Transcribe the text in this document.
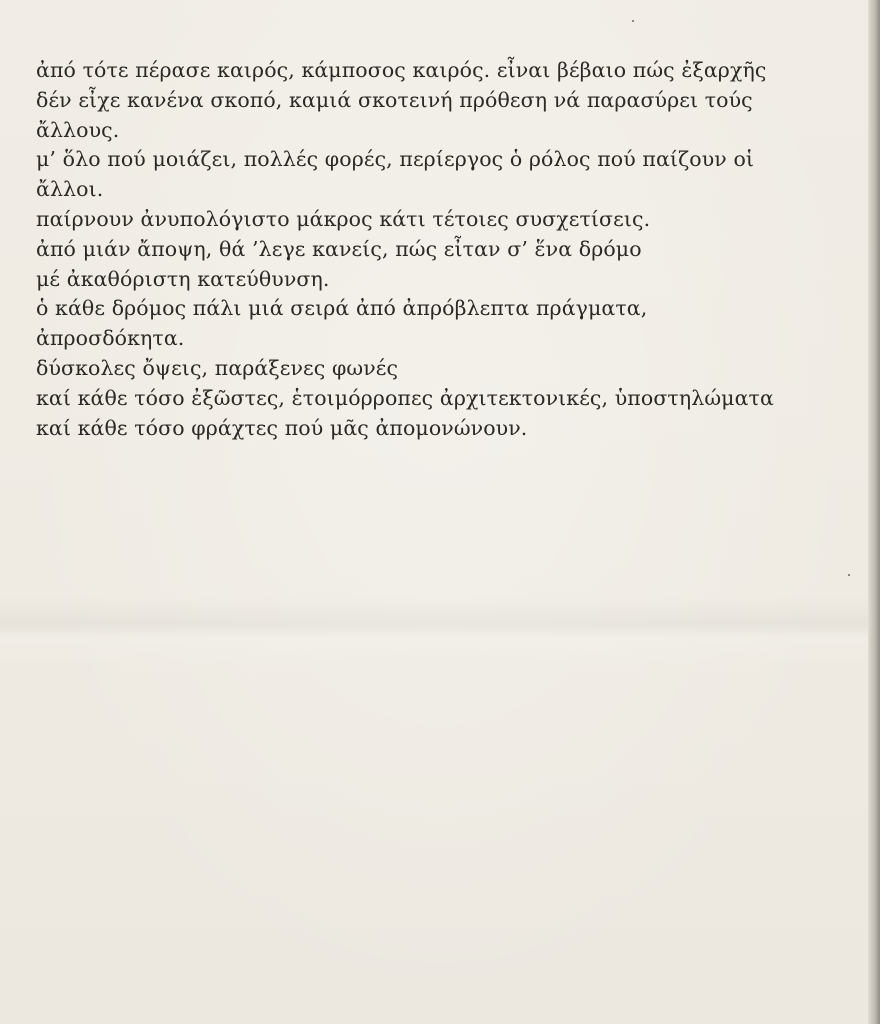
ἀπό τότε πέρασε καιρός, κάμποσος καιρός. εἶναι βέβαιο πώς ἐξαρχῆς
δέν εἶχε κανένα σκοπό, καμιά σκοτεινή πρόθεση νά παρασύρει τούς
ἄλλους.
μ’ ὅλο πού μοιάζει, πολλές φορές, περίεργος ὁ ρόλος πού παίζουν οἱ
ἄλλοι.
παίρνουν ἀνυπολόγιστο μάκρος κάτι τέτοιες συσχετίσεις.
ἀπό μιάν ἄποψη, θά ’λεγε κανείς, πώς εἶταν σ’ ἕνα δρόμο
μέ ἀκαθόριστη κατεύθυνση.
ὁ κάθε δρόμος πάλι μιά σειρά ἀπό ἀπρόβλεπτα πράγματα,
ἀπροσδόκητα.
δύσκολες ὄψεις, παράξενες φωνές
καί κάθε τόσο ἐξῶστες, ἑτοιμόρροπες ἀρχιτεκτονικές, ὑποστηλώματα
καί κάθε τόσο φράχτες πού μᾶς ἀπομονώνουν.
